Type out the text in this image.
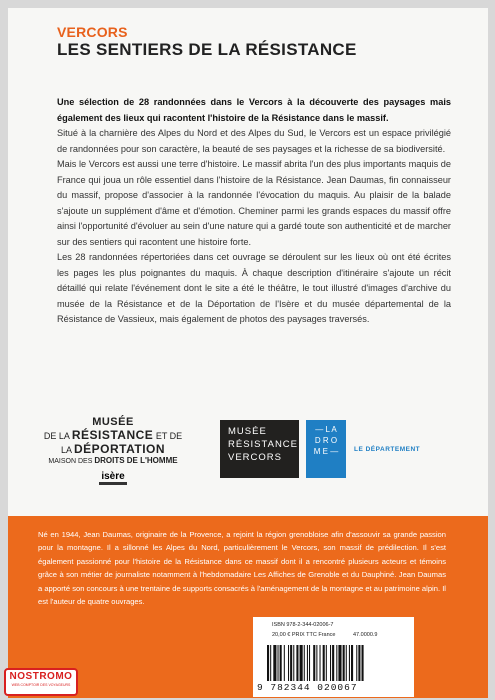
VERCORS
LES SENTIERS DE LA RÉSISTANCE

Une sélection de 28 randonnées dans le Vercors à la découverte des paysages mais également des lieux qui racontent l'histoire de la Résistance dans le massif.

Situé à la charnière des Alpes du Nord et des Alpes du Sud, le Vercors est un espace privilégié de randonnées pour son caractère, la beauté de ses paysages et la richesse de sa biodiversité.

Mais le Vercors est aussi une terre d'histoire. Le massif abrita l'un des plus importants maquis de France qui joua un rôle essentiel dans l'histoire de la Résistance. Jean Daumas, fin connaisseur du massif, propose d'associer à la randonnée l'évocation du maquis. Au plaisir de la balade s'ajoute un supplément d'âme et d'émotion. Cheminer parmi les grands espaces du massif offre ainsi l'opportunité d'évoluer au sein d'une nature qui a gardé toute son authenticité et de marcher sur des sentiers qui racontent une histoire forte.

Les 28 randonnées répertoriées dans cet ouvrage se déroulent sur les lieux où ont été écrites les pages les plus poignantes du maquis. À chaque description d'itinéraire s'ajoute un récit détaillé qui relate l'événement dont le site a été le théâtre, le tout illustré d'images d'archive du musée de la Résistance et de la Déportation de l'Isère et du musée départemental de la Résistance de Vassieux, mais également de photos des paysages traversés.

MUSÉE
DE LA RÉSISTANCE ET DE
LA DÉPORTATION
MAISON DES DROITS DE L'HOMME
isère
MUSÉE
RÉSISTANCE
VERCORS
— L A
D R O
M E —	LE DÉPARTEMENT
Né en 1944, Jean Daumas, originaire de la Provence, a rejoint la région grenobloise afin d'assouvir sa grande passion pour la montagne. Il a sillonné les Alpes du Nord, particulièrement le Vercors, son massif de prédilection. Il s'est également passionné pour l'histoire de la Résistance dans ce massif dont il a rencontré plusieurs acteurs et témoins grâce à son métier de journaliste notamment à l'hebdomadaire Les Affiches de Grenoble et du Dauphiné. Jean Daumas a apporté son concours à une trentaine de supports consacrés à l'aménagement de la montagne et au patrimoine alpin. Il est l'auteur de quatre ouvrages.
ISBN 978-2-344-02006-7
20,00 € PRIX TTC France	47.0000.9
9 782344 020067
NOSTROMO
WEB COMPTOIR DES VOYAGEURS
